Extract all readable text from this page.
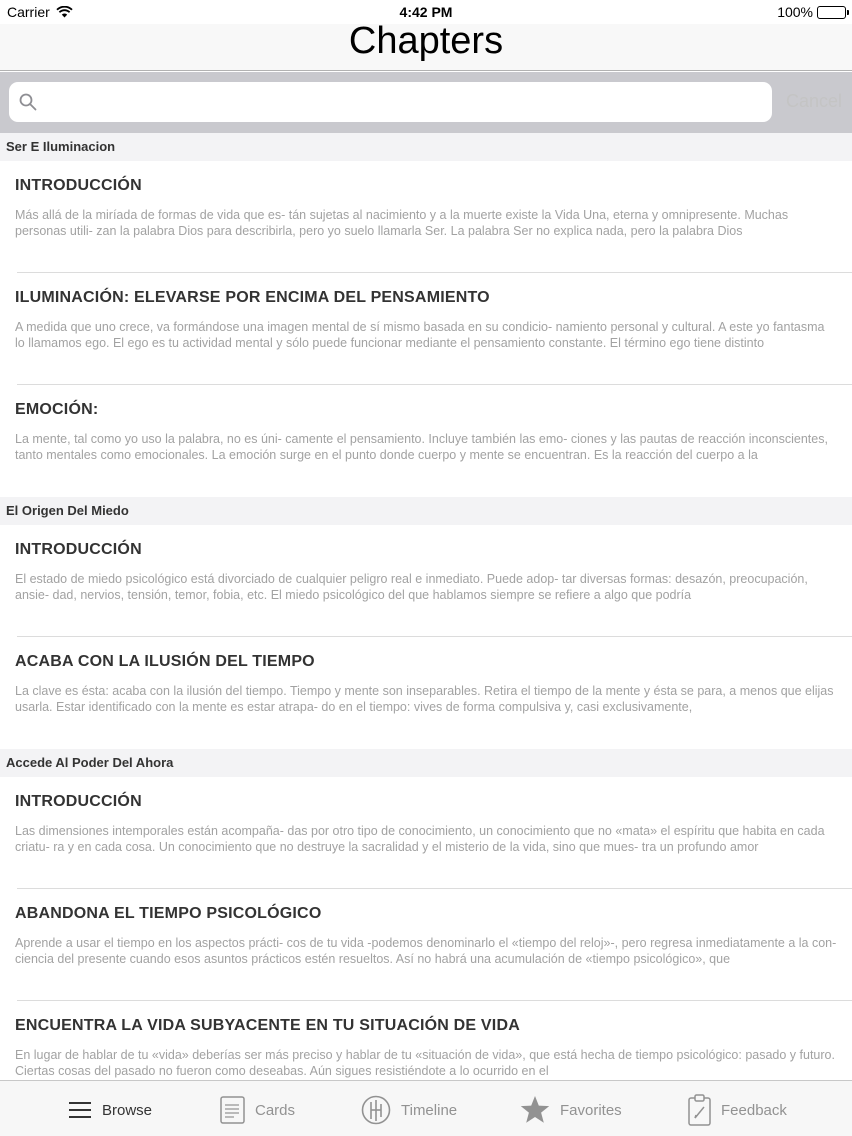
Carrier	4:42 PM	100%
Chapters
Cancel
Ser E Iluminacion
INTRODUCCIÓN
Más allá de la miríada de formas de vida que es- tán sujetas al nacimiento y a la muerte existe la Vida Una, eterna y omnipresente. Muchas personas utili- zan la palabra Dios para describirla, pero yo suelo llamarla Ser. La palabra Ser no explica nada, pero la palabra Dios
ILUMINACIÓN: ELEVARSE POR ENCIMA DEL PENSAMIENTO
A medida que uno crece, va formándose una imagen mental de sí mismo basada en su condicio- namiento personal y cultural. A este yo fantasma lo llamamos ego. El ego es tu actividad mental y sólo puede funcionar mediante el pensamiento constante. El término ego tiene distinto
EMOCIÓN:
La mente, tal como yo uso la palabra, no es úni- camente el pensamiento. Incluye también las emo- ciones y las pautas de reacción inconscientes, tanto mentales como emocionales. La emoción surge en el punto donde cuerpo y mente se encuentran. Es la reacción del cuerpo a la
El Origen Del Miedo
INTRODUCCIÓN
El estado de miedo psicológico está divorciado de cualquier peligro real e inmediato. Puede adop- tar diversas formas: desazón, preocupación, ansie- dad, nervios, tensión, temor, fobia, etc. El miedo psicológico del que hablamos siempre se refiere a algo que podría
ACABA CON LA ILUSIÓN DEL TIEMPO
La clave es ésta: acaba con la ilusión del tiempo. Tiempo y mente son inseparables. Retira el tiempo de la mente y ésta se para, a menos que elijas usarla. Estar identificado con la mente es estar atrapa- do en el tiempo: vives de forma compulsiva y, casi exclusivamente,
Accede Al Poder Del Ahora
INTRODUCCIÓN
Las dimensiones intemporales están acompaña- das por otro tipo de conocimiento, un conocimiento que no «mata» el espíritu que habita en cada criatu- ra y en cada cosa. Un conocimiento que no destruye la sacralidad y el misterio de la vida, sino que mues- tra un profundo amor
ABANDONA EL TIEMPO PSICOLÓGICO
Aprende a usar el tiempo en los aspectos prácti- cos de tu vida -podemos denominarlo el «tiempo del reloj»-, pero regresa inmediatamente a la con- ciencia del presente cuando esos asuntos prácticos estén resueltos. Así no habrá una acumulación de «tiempo psicológico», que
ENCUENTRA LA VIDA SUBYACENTE EN TU SITUACIÓN DE VIDA
En lugar de hablar de tu «vida» deberías ser más preciso y hablar de tu «situación de vida», que está hecha de tiempo psicológico: pasado y futuro. Ciertas cosas del pasado no fueron como deseabas. Aún sigues resistiéndote a lo ocurrido en el
Browse	Cards	Timeline	Favorites	Feedback
